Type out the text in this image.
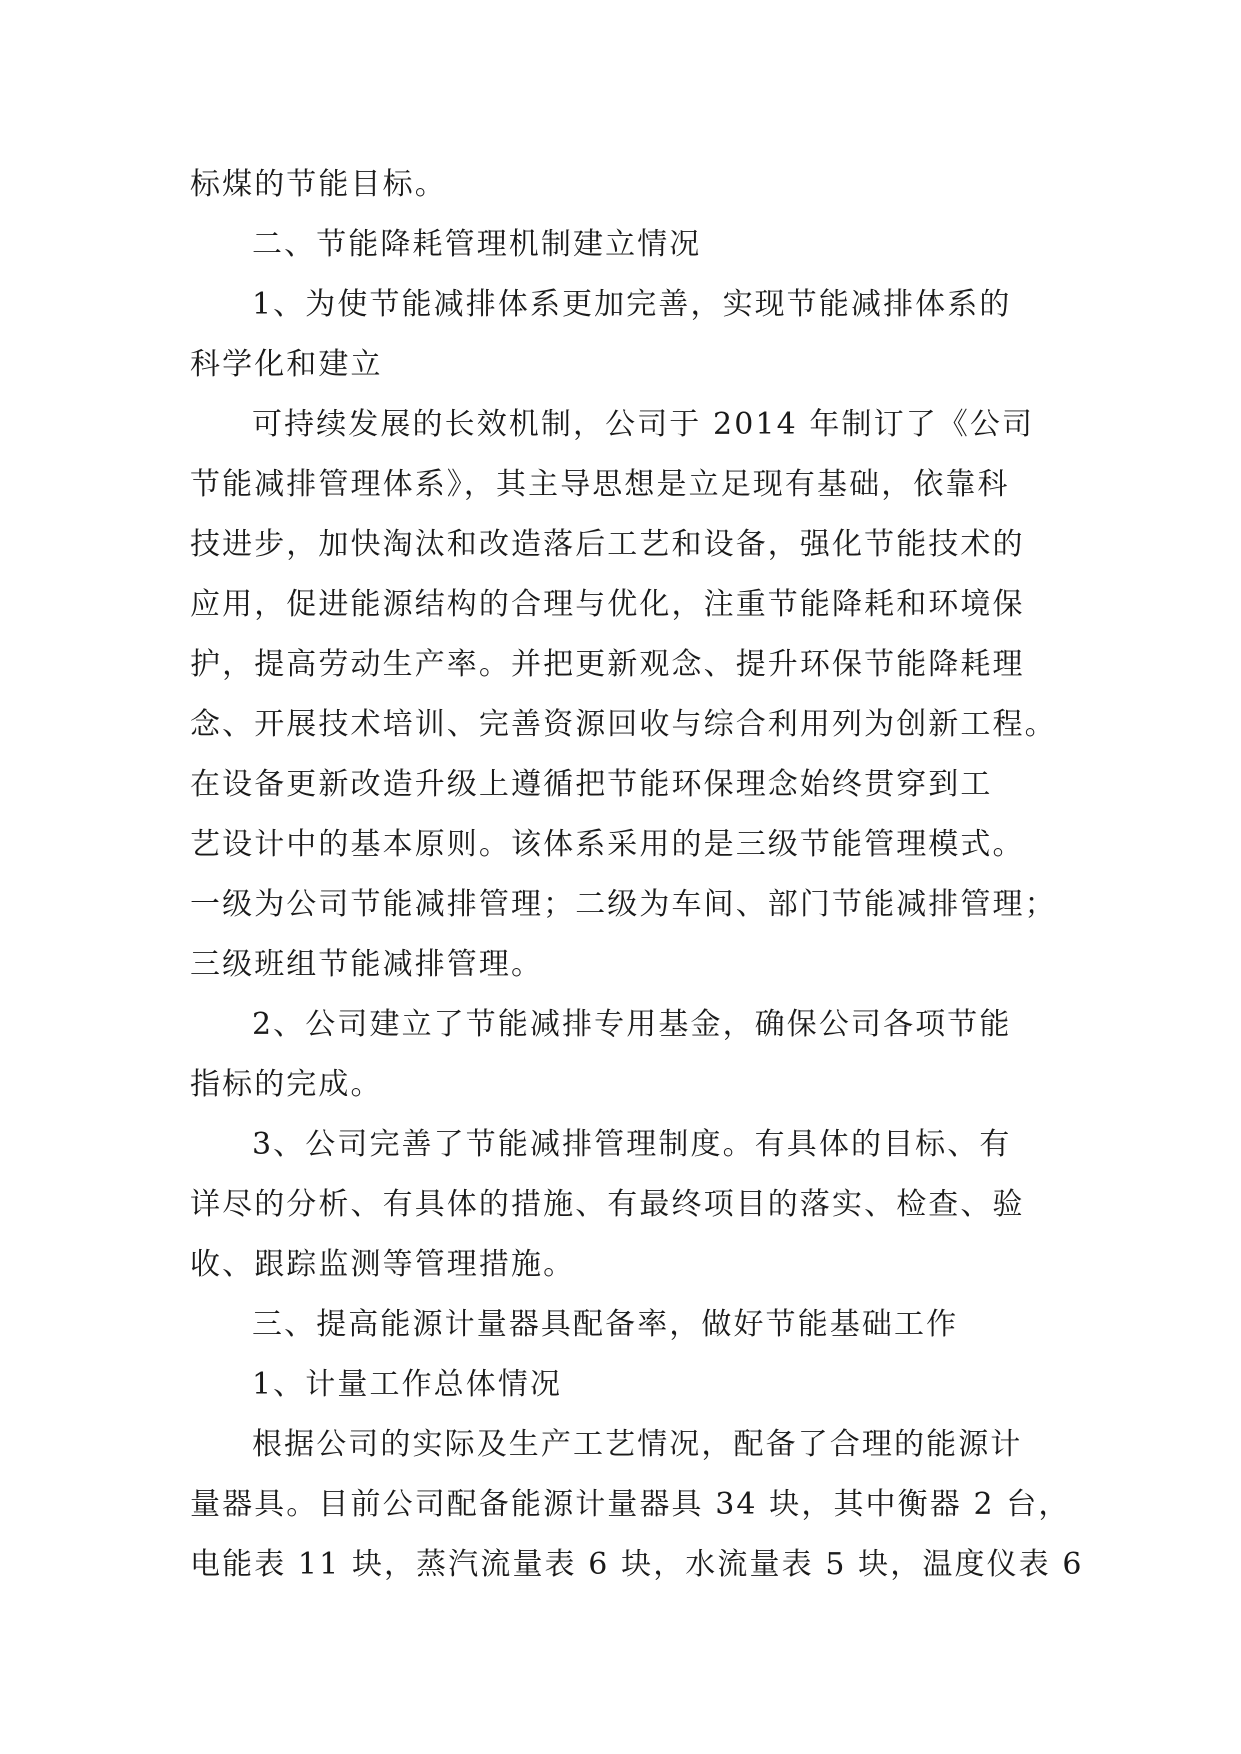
标煤的节能目标。
二、节能降耗管理机制建立情况
1、为使节能减排体系更加完善，实现节能减排体系的
科学化和建立
可持续发展的长效机制，公司于 2014 年制订了《公司
节能减排管理体系》，其主导思想是立足现有基础，依靠科
技进步，加快淘汰和改造落后工艺和设备，强化节能技术的
应用，促进能源结构的合理与优化，注重节能降耗和环境保
护，提高劳动生产率。并把更新观念、提升环保节能降耗理
念、开展技术培训、完善资源回收与综合利用列为创新工程。
在设备更新改造升级上遵循把节能环保理念始终贯穿到工
艺设计中的基本原则。该体系采用的是三级节能管理模式。
一级为公司节能减排管理；二级为车间、部门节能减排管理；
三级班组节能减排管理。
2、公司建立了节能减排专用基金，确保公司各项节能
指标的完成。
3、公司完善了节能减排管理制度。有具体的目标、有
详尽的分析、有具体的措施、有最终项目的落实、检查、验
收、跟踪监测等管理措施。
三、提高能源计量器具配备率，做好节能基础工作
1、计量工作总体情况
根据公司的实际及生产工艺情况，配备了合理的能源计
量器具。目前公司配备能源计量器具 34 块，其中衡器 2 台，
电能表 11 块，蒸汽流量表 6 块，水流量表 5 块，温度仪表 6
